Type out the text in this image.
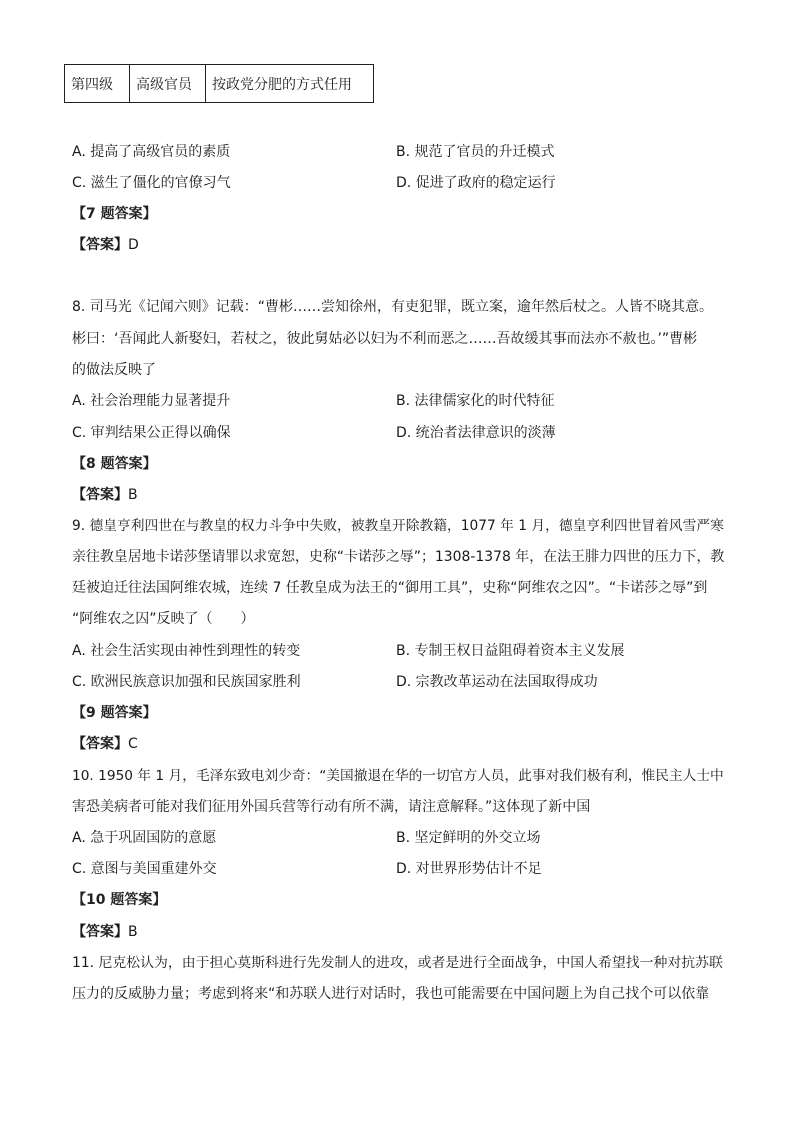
第四级	高级官员	按政党分肥的方式任用
A. 提高了高级官员的素质	B. 规范了官员的升迁模式
C. 滋生了僵化的官僚习气	D. 促进了政府的稳定运行
【7 题答案】
【答案】D
8. 司马光《记闻六则》记载：“曹彬……尝知徐州，有吏犯罪，既立案，逾年然后杖之。人皆不晓其意。
彬曰：‘吾闻此人新娶妇，若杖之，彼此舅姑必以妇为不利而恶之……吾故缓其事而法亦不赦也。’”曹彬
的做法反映了
A. 社会治理能力显著提升	B. 法律儒家化的时代特征
C. 审判结果公正得以确保	D. 统治者法律意识的淡薄
【8 题答案】
【答案】B
9. 德皇亨利四世在与教皇的权力斗争中失败，被教皇开除教籍，1077 年 1 月，德皇亨利四世冒着风雪严寒
亲往教皇居地卡诺莎堡请罪以求宽恕，史称“卡诺莎之辱”；1308-1378 年，在法王腓力四世的压力下，教
廷被迫迁往法国阿维农城，连续 7 任教皇成为法王的“御用工具”，史称“阿维农之囚”。“卡诺莎之辱”到
“阿维农之囚”反映了（　　）
A. 社会生活实现由神性到理性的转变	B. 专制王权日益阻碍着资本主义发展
C. 欧洲民族意识加强和民族国家胜利	D. 宗教改革运动在法国取得成功
【9 题答案】
【答案】C
10. 1950 年 1 月，毛泽东致电刘少奇：“美国撤退在华的一切官方人员，此事对我们极有利，惟民主人士中
害恐美病者可能对我们征用外国兵营等行动有所不满，请注意解释。”这体现了新中国
A. 急于巩固国防的意愿	B. 坚定鲜明的外交立场
C. 意图与美国重建外交	D. 对世界形势估计不足
【10 题答案】
【答案】B
11. 尼克松认为，由于担心莫斯科进行先发制人的进攻，或者是进行全面战争，中国人希望找一种对抗苏联
压力的反威胁力量；考虑到将来“和苏联人进行对话时，我也可能需要在中国问题上为自己找个可以依靠
